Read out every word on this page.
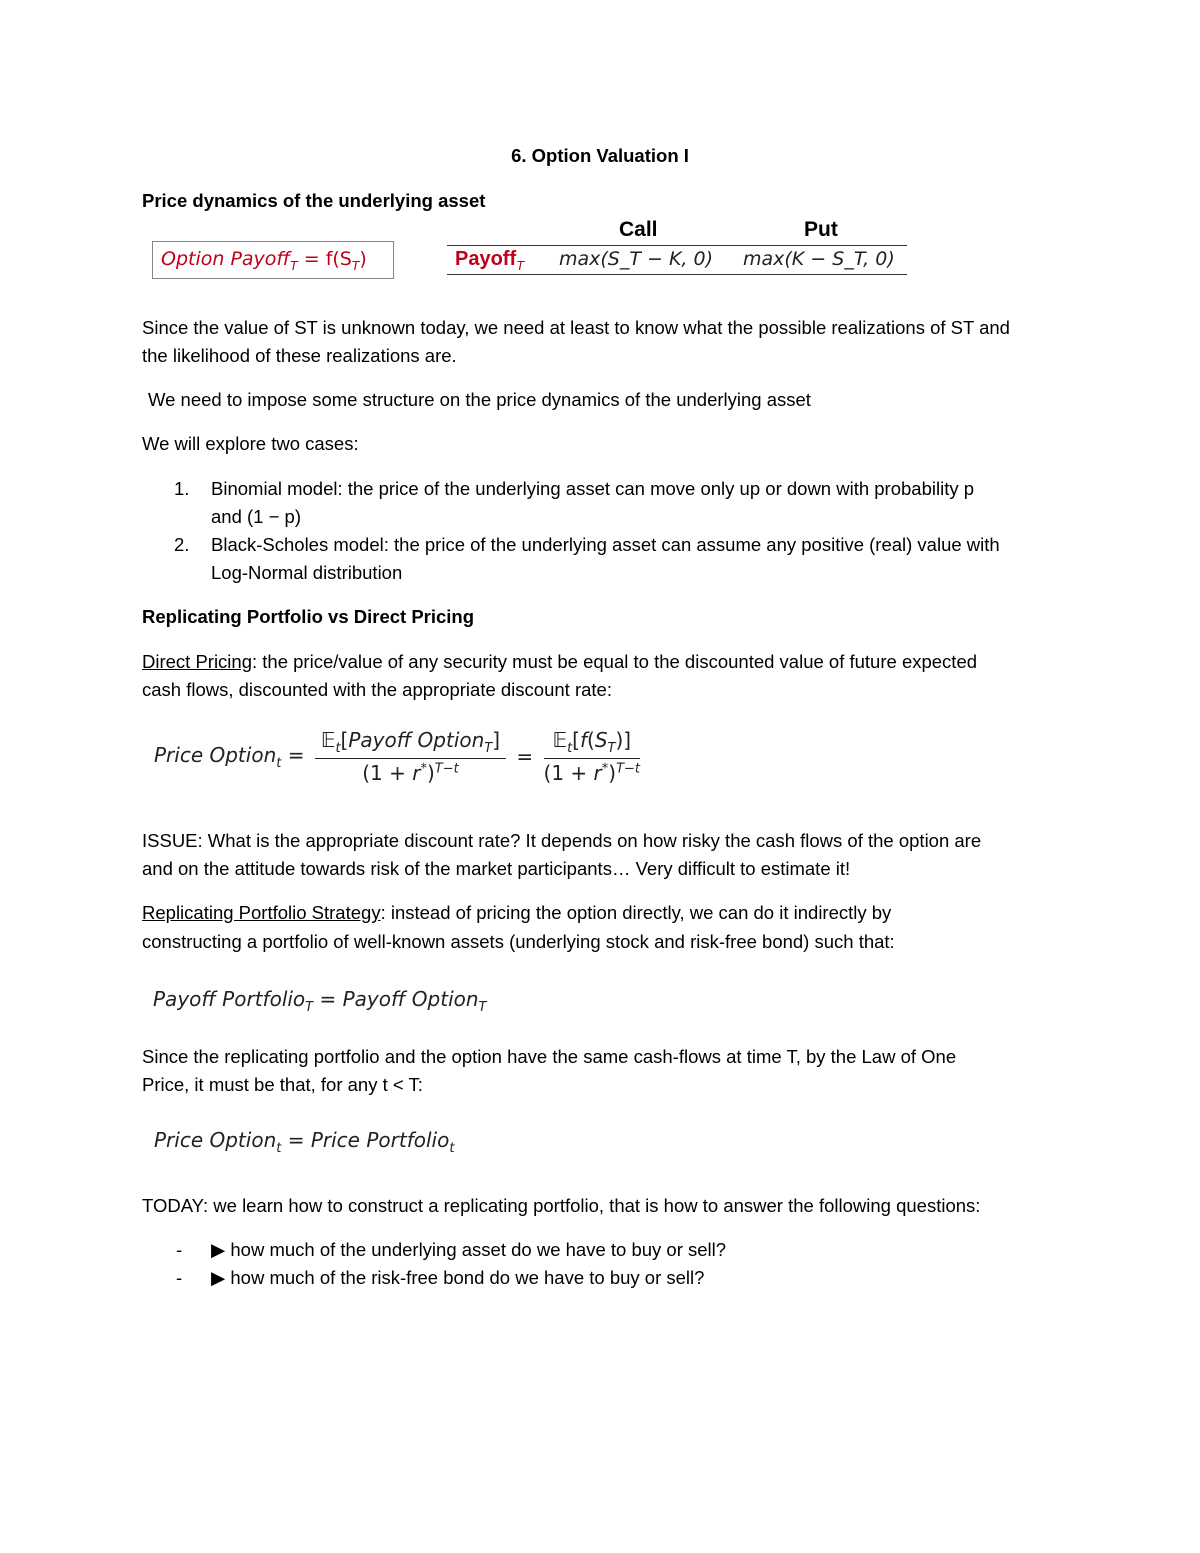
6. Option Valuation I
Price dynamics of the underlying asset
Option Payoff$_T$ = $f(S_T)$
Call	Put
Payoff$_T$ max(S_T − K, 0) max(K − S_T, 0)
Since the value of ST is unknown today, we need at least to know what the possible realizations of ST and
the likelihood of these realizations are.
We need to impose some structure on the price dynamics of the underlying asset
We will explore two cases:
1. Binomial model: the price of the underlying asset can move only up or down with probability p
and (1 − p)
2. Black-Scholes model: the price of the underlying asset can assume any positive (real) value with
Log-Normal distribution
Replicating Portfolio vs Direct Pricing
Direct Pricing: the price/value of any security must be equal to the discounted value of future expected
cash flows, discounted with the appropriate discount rate:
Price Option$_t$ = $\frac{𝔼_t[Payoff Option_T]}{(1 + r^*)^{T-t}} = \frac{𝔼_t[f(S_T)]}{(1 + r^*)^{T-t}}$
ISSUE: What is the appropriate discount rate? It depends on how risky the cash flows of the option are
and on the attitude towards risk of the market participants… Very difficult to estimate it!
Replicating Portfolio Strategy: instead of pricing the option directly, we can do it indirectly by
constructing a portfolio of well-known assets (underlying stock and risk-free bond) such that:
Payoff Portfolio$_T$ = Payoff Option$_T$
Since the replicating portfolio and the option have the same cash-flows at time T, by the Law of One
Price, it must be that, for any t < T:
Price Option$_t$ = Price Portfolio$_t$
TODAY: we learn how to construct a replicating portfolio, that is how to answer the following questions:
- ▶ how much of the underlying asset do we have to buy or sell?
- ▶ how much of the risk-free bond do we have to buy or sell?
